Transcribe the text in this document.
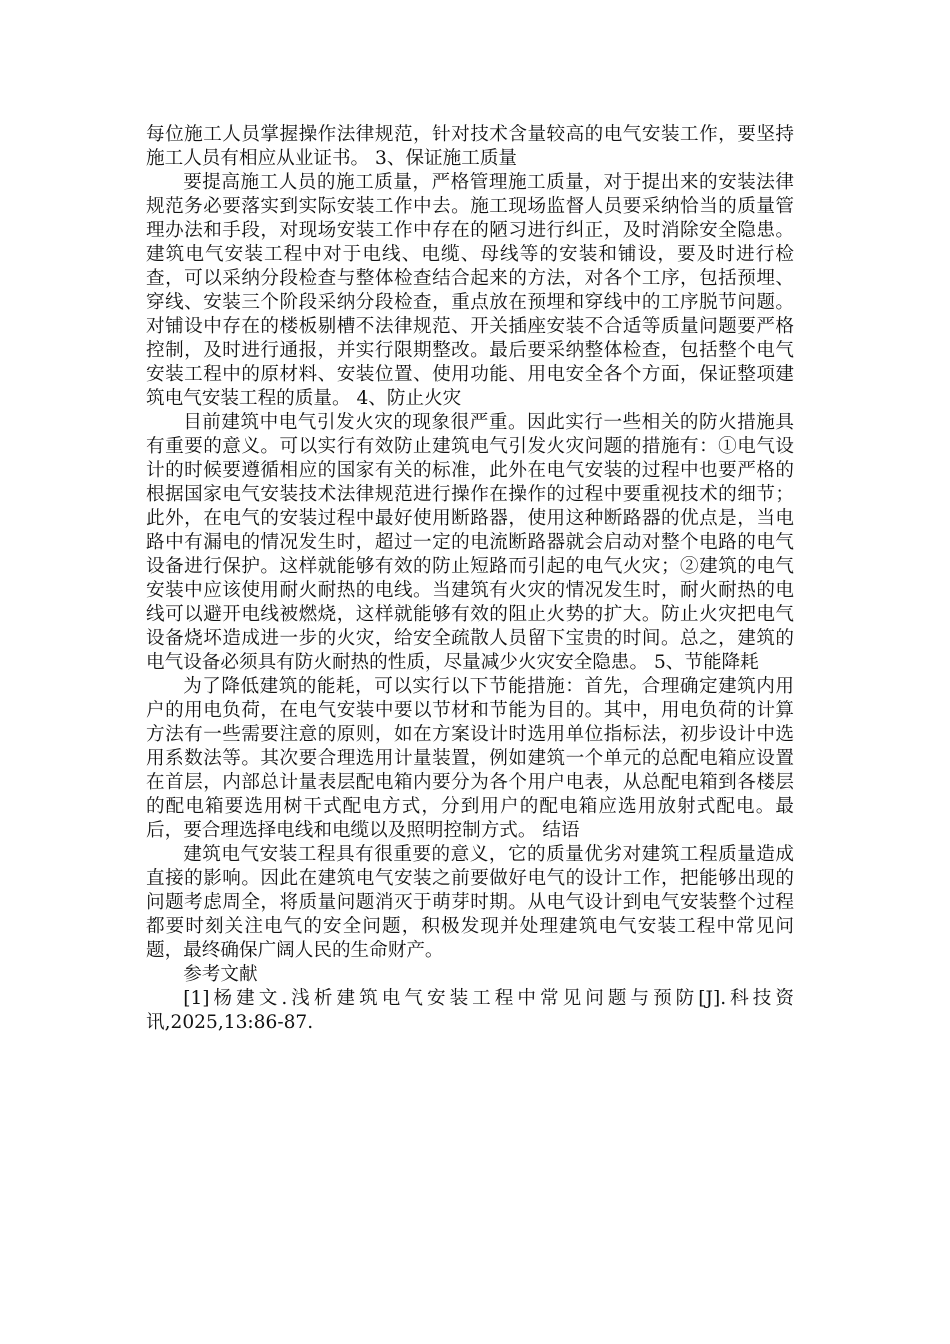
每位施工人员掌握操作法律规范，针对技术含量较高的电气安装工作，要坚持施工人员有相应从业证书。 3、保证施工质量

要提高施工人员的施工质量，严格管理施工质量，对于提出来的安装法律规范务必要落实到实际安装工作中去。施工现场监督人员要采纳恰当的质量管理办法和手段，对现场安装工作中存在的陋习进行纠正，及时消除安全隐患。建筑电气安装工程中对于电线、电缆、母线等的安装和铺设，要及时进行检查，可以采纳分段检查与整体检查结合起来的方法，对各个工序，包括预埋、穿线、安装三个阶段采纳分段检查，重点放在预埋和穿线中的工序脱节问题。对铺设中存在的楼板剔槽不法律规范、开关插座安装不合适等质量问题要严格控制，及时进行通报，并实行限期整改。最后要采纳整体检查，包括整个电气安装工程中的原材料、安装位置、使用功能、用电安全各个方面，保证整项建筑电气安装工程的质量。 4、防止火灾

目前建筑中电气引发火灾的现象很严重。因此实行一些相关的防火措施具有重要的意义。可以实行有效防止建筑电气引发火灾问题的措施有：①电气设计的时候要遵循相应的国家有关的标准，此外在电气安装的过程中也要严格的根据国家电气安装技术法律规范进行操作在操作的过程中要重视技术的细节；此外，在电气的安装过程中最好使用断路器，使用这种断路器的优点是，当电路中有漏电的情况发生时，超过一定的电流断路器就会启动对整个电路的电气设备进行保护。这样就能够有效的防止短路而引起的电气火灾；②建筑的电气安装中应该使用耐火耐热的电线。当建筑有火灾的情况发生时，耐火耐热的电线可以避开电线被燃烧，这样就能够有效的阻止火势的扩大。防止火灾把电气设备烧坏造成进一步的火灾，给安全疏散人员留下宝贵的时间。总之，建筑的电气设备必须具有防火耐热的性质，尽量减少火灾安全隐患。 5、节能降耗

为了降低建筑的能耗，可以实行以下节能措施：首先，合理确定建筑内用户的用电负荷，在电气安装中要以节材和节能为目的。其中，用电负荷的计算方法有一些需要注意的原则，如在方案设计时选用单位指标法，初步设计中选用系数法等。其次要合理选用计量装置，例如建筑一个单元的总配电箱应设置在首层，内部总计量表层配电箱内要分为各个用户电表，从总配电箱到各楼层的配电箱要选用树干式配电方式，分到用户的配电箱应选用放射式配电。最后，要合理选择电线和电缆以及照明控制方式。 结语

建筑电气安装工程具有很重要的意义，它的质量优劣对建筑工程质量造成直接的影响。因此在建筑电气安装之前要做好电气的设计工作，把能够出现的问题考虑周全，将质量问题消灭于萌芽时期。从电气设计到电气安装整个过程都要时刻关注电气的安全问题，积极发现并处理建筑电气安装工程中常见问题，最终确保广阔人民的生命财产。

参考文献

[1]杨建文.浅析建筑电气安装工程中常见问题与预防[J].科技资讯,2025,13:86-87.
